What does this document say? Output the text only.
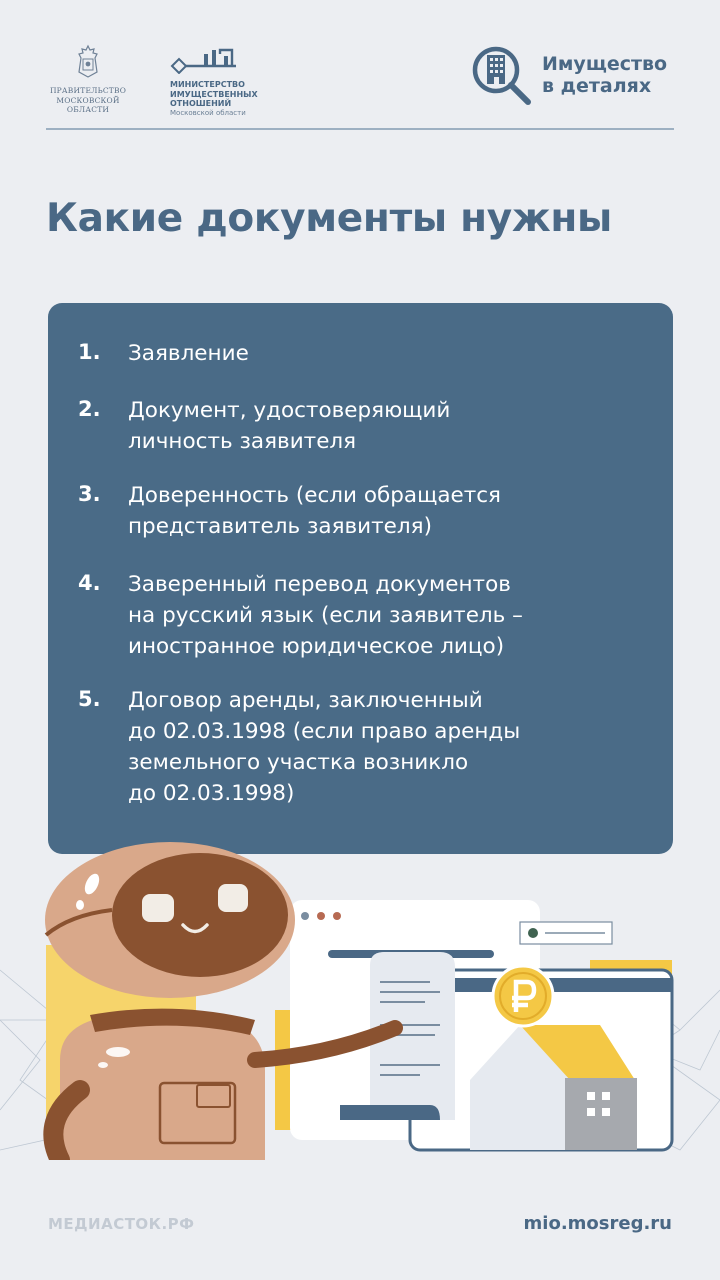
ПРАВИТЕЛЬСТВО
МОСКОВСКОЙ
ОБЛАСТИ
МИНИСТЕРСТВО
ИМУЩЕСТВЕННЫХ
ОТНОШЕНИЙ
Московской области
Имущество
в деталях
Какие документы нужны
1. Заявление
2. Документ, удостоверяющий
личность заявителя
3. Доверенность (если обращается
представитель заявителя)
4. Заверенный перевод документов
на русский язык (если заявитель –
иностранное юридическое лицо)
5. Договор аренды, заключенный
до 02.03.1998 (если право аренды
земельного участка возникло
до 02.03.1998)
МЕДИАСТОК.РФ	mio.mosreg.ru
